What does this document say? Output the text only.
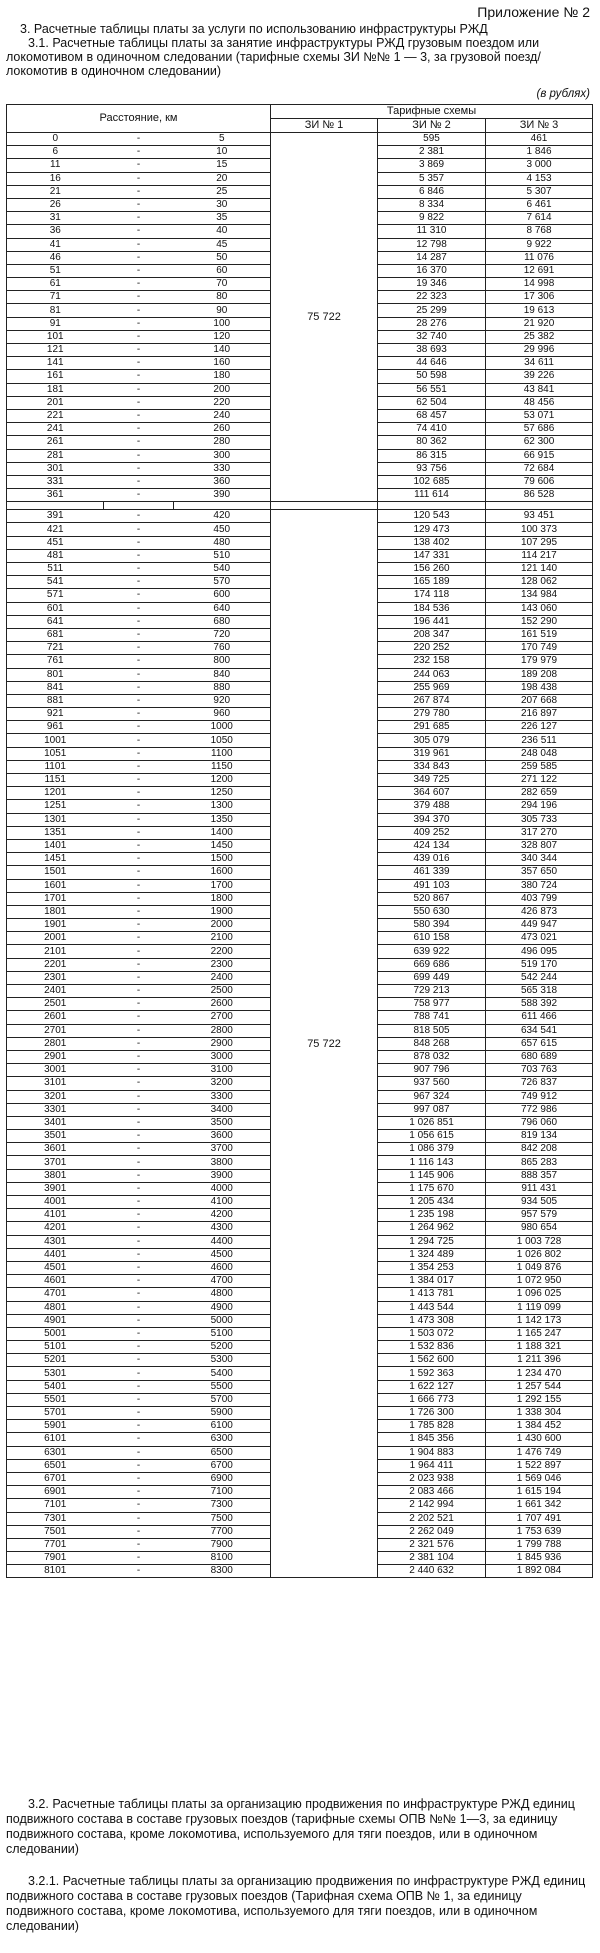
Приложение № 2
3. Расчетные таблицы платы за услуги по использованию инфраструктуры РЖД
3.1. Расчетные таблицы платы за занятие инфраструктуры РЖД грузовым поездом или локомотивом в одиночном следовании (тарифные схемы ЗИ №№ 1 — 3, за грузовой поезд/локомотив в одиночном следовании)
(в рублях)
Расстояние, км			Тарифные схемы		
			ЗИ № 1	ЗИ № 2	ЗИ № 3
0	-	5	75 722	595	461
6	-	10		2 381	1 846
11	-	15		3 869	3 000
16	-	20		5 357	4 153
21	-	25		6 846	5 307
26	-	30		8 334	6 461
31	-	35		9 822	7 614
36	-	40		11 310	8 768
41	-	45		12 798	9 922
46	-	50		14 287	11 076
51	-	60		16 370	12 691
61	-	70		19 346	14 998
71	-	80		22 323	17 306
81	-	90		25 299	19 613
91	-	100		28 276	21 920
101	-	120		32 740	25 382
121	-	140		38 693	29 996
141	-	160		44 646	34 611
161	-	180		50 598	39 226
181	-	200		56 551	43 841
201	-	220		62 504	48 456
221	-	240		68 457	53 071
241	-	260		74 410	57 686
261	-	280		80 362	62 300
281	-	300		86 315	66 915
301	-	330		93 756	72 684
331	-	360		102 685	79 606
361	-	390		111 614	86 528

391	-	420	75 722	120 543	93 451
421	-	450		129 473	100 373
451	-	480		138 402	107 295
481	-	510		147 331	114 217
511	-	540		156 260	121 140
541	-	570		165 189	128 062
571	-	600		174 118	134 984
601	-	640		184 536	143 060
641	-	680		196 441	152 290
681	-	720		208 347	161 519
721	-	760		220 252	170 749
761	-	800		232 158	179 979
801	-	840		244 063	189 208
841	-	880		255 969	198 438
881	-	920		267 874	207 668
921	-	960		279 780	216 897
961	-	1000		291 685	226 127
1001	-	1050		305 079	236 511
1051	-	1100		319 961	248 048
1101	-	1150		334 843	259 585
1151	-	1200		349 725	271 122
1201	-	1250		364 607	282 659
1251	-	1300		379 488	294 196
1301	-	1350		394 370	305 733
1351	-	1400		409 252	317 270
1401	-	1450		424 134	328 807
1451	-	1500		439 016	340 344
1501	-	1600		461 339	357 650
1601	-	1700		491 103	380 724
1701	-	1800		520 867	403 799
1801	-	1900		550 630	426 873
1901	-	2000		580 394	449 947
2001	-	2100		610 158	473 021
2101	-	2200		639 922	496 095
2201	-	2300		669 686	519 170
2301	-	2400		699 449	542 244
2401	-	2500		729 213	565 318
2501	-	2600		758 977	588 392
2601	-	2700		788 741	611 466
2701	-	2800		818 505	634 541
2801	-	2900		848 268	657 615
2901	-	3000		878 032	680 689
3001	-	3100		907 796	703 763
3101	-	3200		937 560	726 837
3201	-	3300		967 324	749 912
3301	-	3400		997 087	772 986
3401	-	3500		1 026 851	796 060
3501	-	3600		1 056 615	819 134
3601	-	3700		1 086 379	842 208
3701	-	3800		1 116 143	865 283
3801	-	3900		1 145 906	888 357
3901	-	4000		1 175 670	911 431
4001	-	4100		1 205 434	934 505
4101	-	4200		1 235 198	957 579
4201	-	4300		1 264 962	980 654
4301	-	4400		1 294 725	1 003 728
4401	-	4500		1 324 489	1 026 802
4501	-	4600		1 354 253	1 049 876
4601	-	4700		1 384 017	1 072 950
4701	-	4800		1 413 781	1 096 025
4801	-	4900		1 443 544	1 119 099
4901	-	5000		1 473 308	1 142 173
5001	-	5100		1 503 072	1 165 247
5101	-	5200		1 532 836	1 188 321
5201	-	5300		1 562 600	1 211 396
5301	-	5400		1 592 363	1 234 470
5401	-	5500		1 622 127	1 257 544
5501	-	5700		1 666 773	1 292 155
5701	-	5900		1 726 300	1 338 304
5901	-	6100		1 785 828	1 384 452
6101	-	6300		1 845 356	1 430 600
6301	-	6500		1 904 883	1 476 749
6501	-	6700		1 964 411	1 522 897
6701	-	6900		2 023 938	1 569 046
6901	-	7100		2 083 466	1 615 194
7101	-	7300		2 142 994	1 661 342
7301	-	7500		2 202 521	1 707 491
7501	-	7700		2 262 049	1 753 639
7701	-	7900		2 321 576	1 799 788
7901	-	8100		2 381 104	1 845 936
8101	-	8300		2 440 632	1 892 084
3.2. Расчетные таблицы платы за организацию продвижения по инфраструктуре РЖД единиц подвижного состава в составе грузовых поездов (тарифные схемы ОПВ №№ 1—3, за единицу подвижного состава, кроме локомотива, используемого для тяги поездов, или в одиночном следовании)
3.2.1. Расчетные таблицы платы за организацию продвижения по инфраструктуре РЖД единиц подвижного состава в составе грузовых поездов (Тарифная схема ОПВ № 1, за единицу подвижного состава, кроме локомотива, используемого для тяги поездов, или в одиночном следовании)
